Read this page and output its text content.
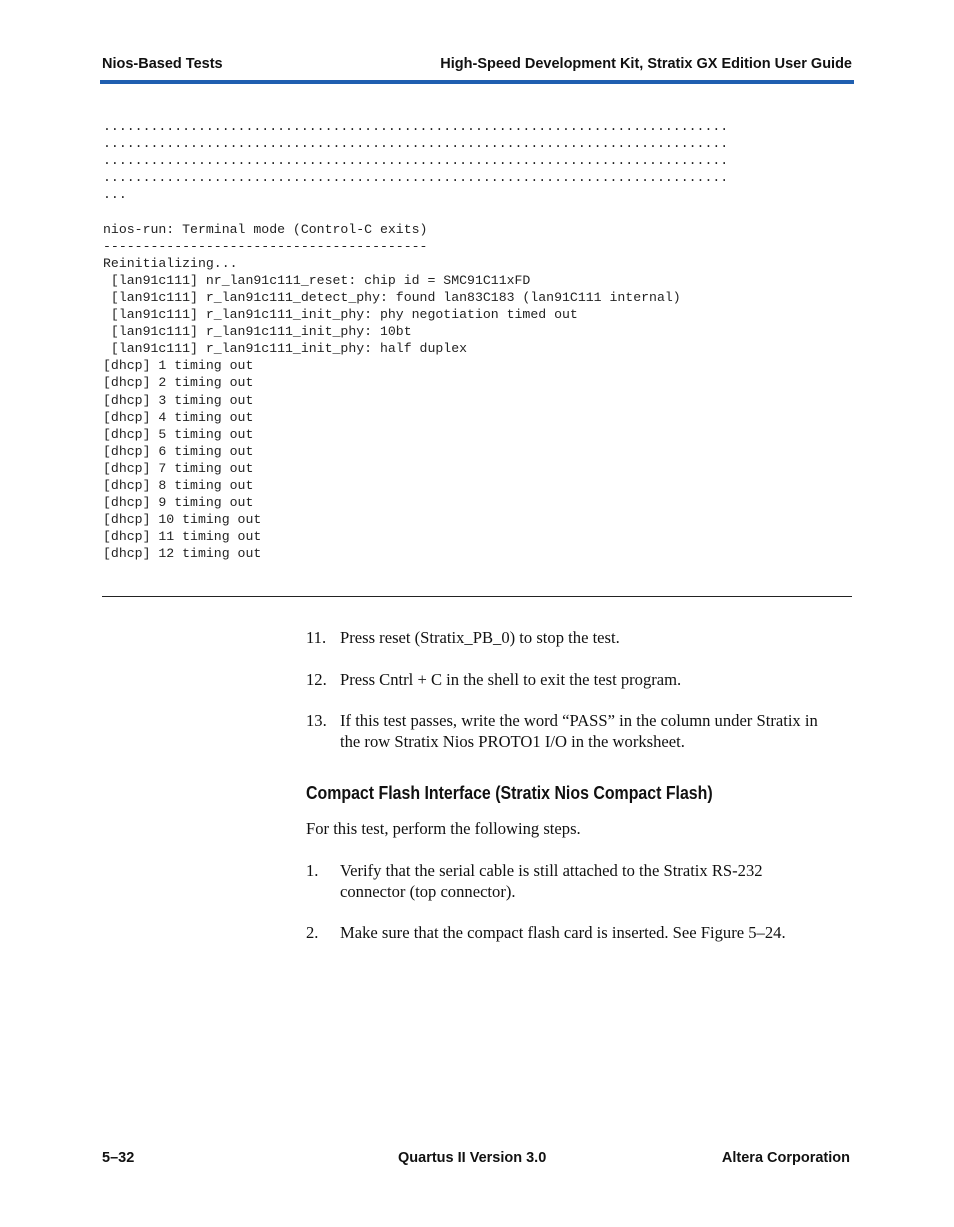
Nios-Based Tests	High-Speed Development Kit, Stratix GX Edition User Guide
...............................................................................
...............................................................................
...............................................................................
...............................................................................
...
nios-run: Terminal mode (Control-C exits)
-----------------------------------------
Reinitializing...
[lan91c111] nr_lan91c111_reset: chip id = SMC91C11xFD
[lan91c111] r_lan91c111_detect_phy: found lan83C183 (lan91C111 internal)
[lan91c111] r_lan91c111_init_phy: phy negotiation timed out
[lan91c111] r_lan91c111_init_phy: 10bt
[lan91c111] r_lan91c111_init_phy: half duplex
[dhcp] 1 timing out
[dhcp] 2 timing out
[dhcp] 3 timing out
[dhcp] 4 timing out
[dhcp] 5 timing out
[dhcp] 6 timing out
[dhcp] 7 timing out
[dhcp] 8 timing out
[dhcp] 9 timing out
[dhcp] 10 timing out
[dhcp] 11 timing out
[dhcp] 12 timing out
11. Press reset (Stratix_PB_0) to stop the test.
12. Press Cntrl + C in the shell to exit the test program.
13. If this test passes, write the word “PASS” in the column under Stratix in the row Stratix Nios PROTO1 I/O in the worksheet.
Compact Flash Interface (Stratix Nios Compact Flash)
For this test, perform the following steps.
1. Verify that the serial cable is still attached to the Stratix RS-232 connector (top connector).
2. Make sure that the compact flash card is inserted. See Figure 5–24.
5–32	Quartus II Version 3.0	Altera Corporation
